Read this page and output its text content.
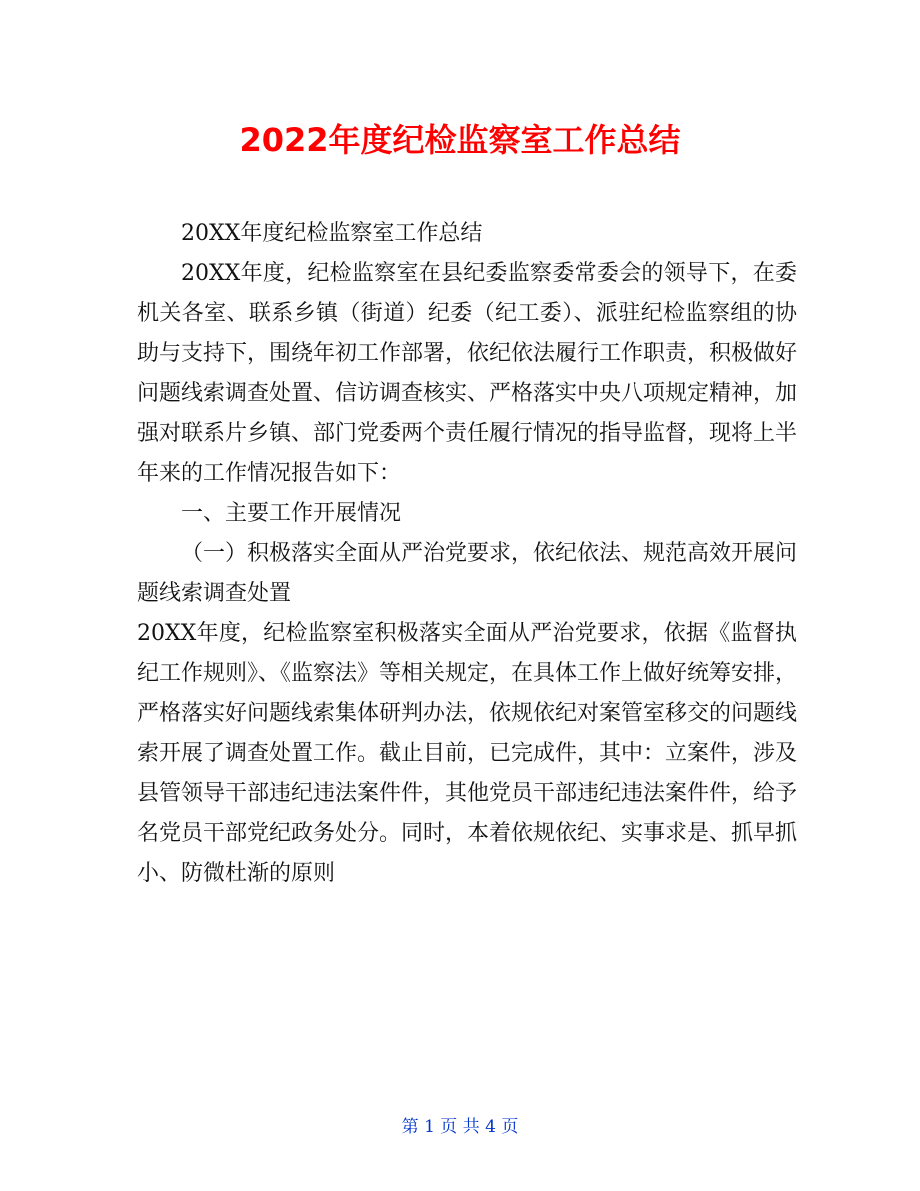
2022年度纪检监察室工作总结

20XX年度纪检监察室工作总结

20XX年度，纪检监察室在县纪委监察委常委会的领导下，在委机关各室、联系乡镇（街道）纪委（纪工委）、派驻纪检监察组的协助与支持下，围绕年初工作部署，依纪依法履行工作职责，积极做好问题线索调查处置、信访调查核实、严格落实中央八项规定精神，加强对联系片乡镇、部门党委两个责任履行情况的指导监督，现将上半年来的工作情况报告如下：

一、主要工作开展情况

（一）积极落实全面从严治党要求，依纪依法、规范高效开展问题线索调查处置

20XX年度，纪检监察室积极落实全面从严治党要求，依据《监督执纪工作规则》、《监察法》等相关规定，在具体工作上做好统筹安排，严格落实好问题线索集体研判办法，依规依纪对案管室移交的问题线索开展了调查处置工作。截止目前，已完成件，其中：立案件，涉及县管领导干部违纪违法案件件，其他党员干部违纪违法案件件，给予名党员干部党纪政务处分。同时，本着依规依纪、实事求是、抓早抓小、防微杜渐的原则

第 1 页 共 4 页
